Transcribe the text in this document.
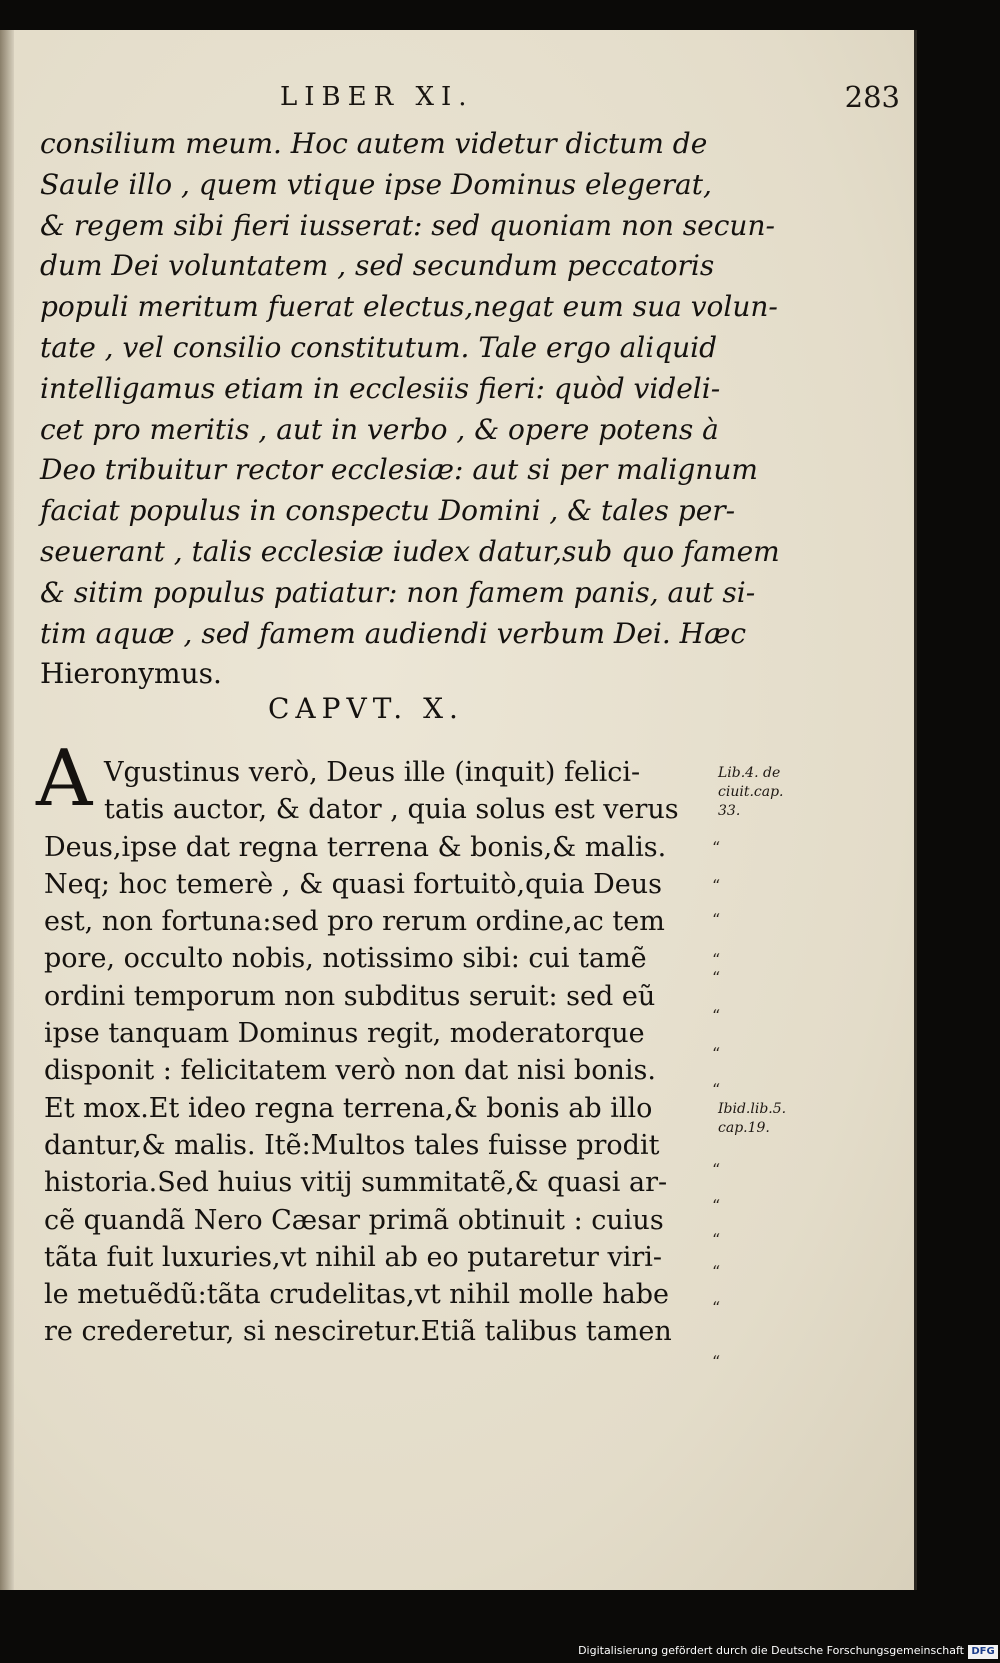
LIBER XI.	283
consilium meum. Hoc autem videtur dictum de
Saule illo , quem vtique ipse Dominus elegerat,
& regem sibi fieri iusserat: sed quoniam non secun-
dum Dei voluntatem , sed secundum peccatoris
populi meritum fuerat electus,negat eum sua volun-
tate , vel consilio constitutum. Tale ergo aliquid
intelligamus etiam in ecclesiis fieri: quòd videli-
cet pro meritis , aut in verbo , & opere potens à
Deo tribuitur rector ecclesiæ: aut si per malignum
faciat populus in conspectu Domini , & tales per-
seuerant , talis ecclesiæ iudex datur,sub quo famem
& sitim populus patiatur: non famem panis, aut si-
tim aquæ , sed famem audiendi verbum Dei. Hæc
Hieronymus.
CAPVT. X.
A Vgustinus verò, Deus ille (inquit) felici-
tatis auctor, & dator , quia solus est verus
Deus,ipse dat regna terrena & bonis,& malis.
Neq; hoc temerè , & quasi fortuitò,quia Deus
est, non fortuna:sed pro rerum ordine,ac tem
pore, occulto nobis, notissimo sibi: cui tamẽ
ordini temporum non subditus seruit: sed eũ
ipse tanquam Dominus regit, moderatorque
disponit : felicitatem verò non dat nisi bonis.
Et mox.Et ideo regna terrena,& bonis ab illo
dantur,& malis. Itẽ:Multos tales fuisse prodit
historia.Sed huius vitij summitatẽ,& quasi ar-
cẽ quandã Nero Cæsar primã obtinuit : cuius
tãta fuit luxuries,vt nihil ab eo putaretur viri-
le metuẽdũ:tãta crudelitas,vt nihil molle habe
re crederetur, si nesciretur.Etiã talibus tamen
“
“
“
“
“
“
“
“
“
“
“
“
“
“
Lib.4. de
ciuit.cap.
33.
Ibid.lib.5.
cap.19.
Digitalisierung gefördert durch die Deutsche Forschungsgemeinschaft DFG
